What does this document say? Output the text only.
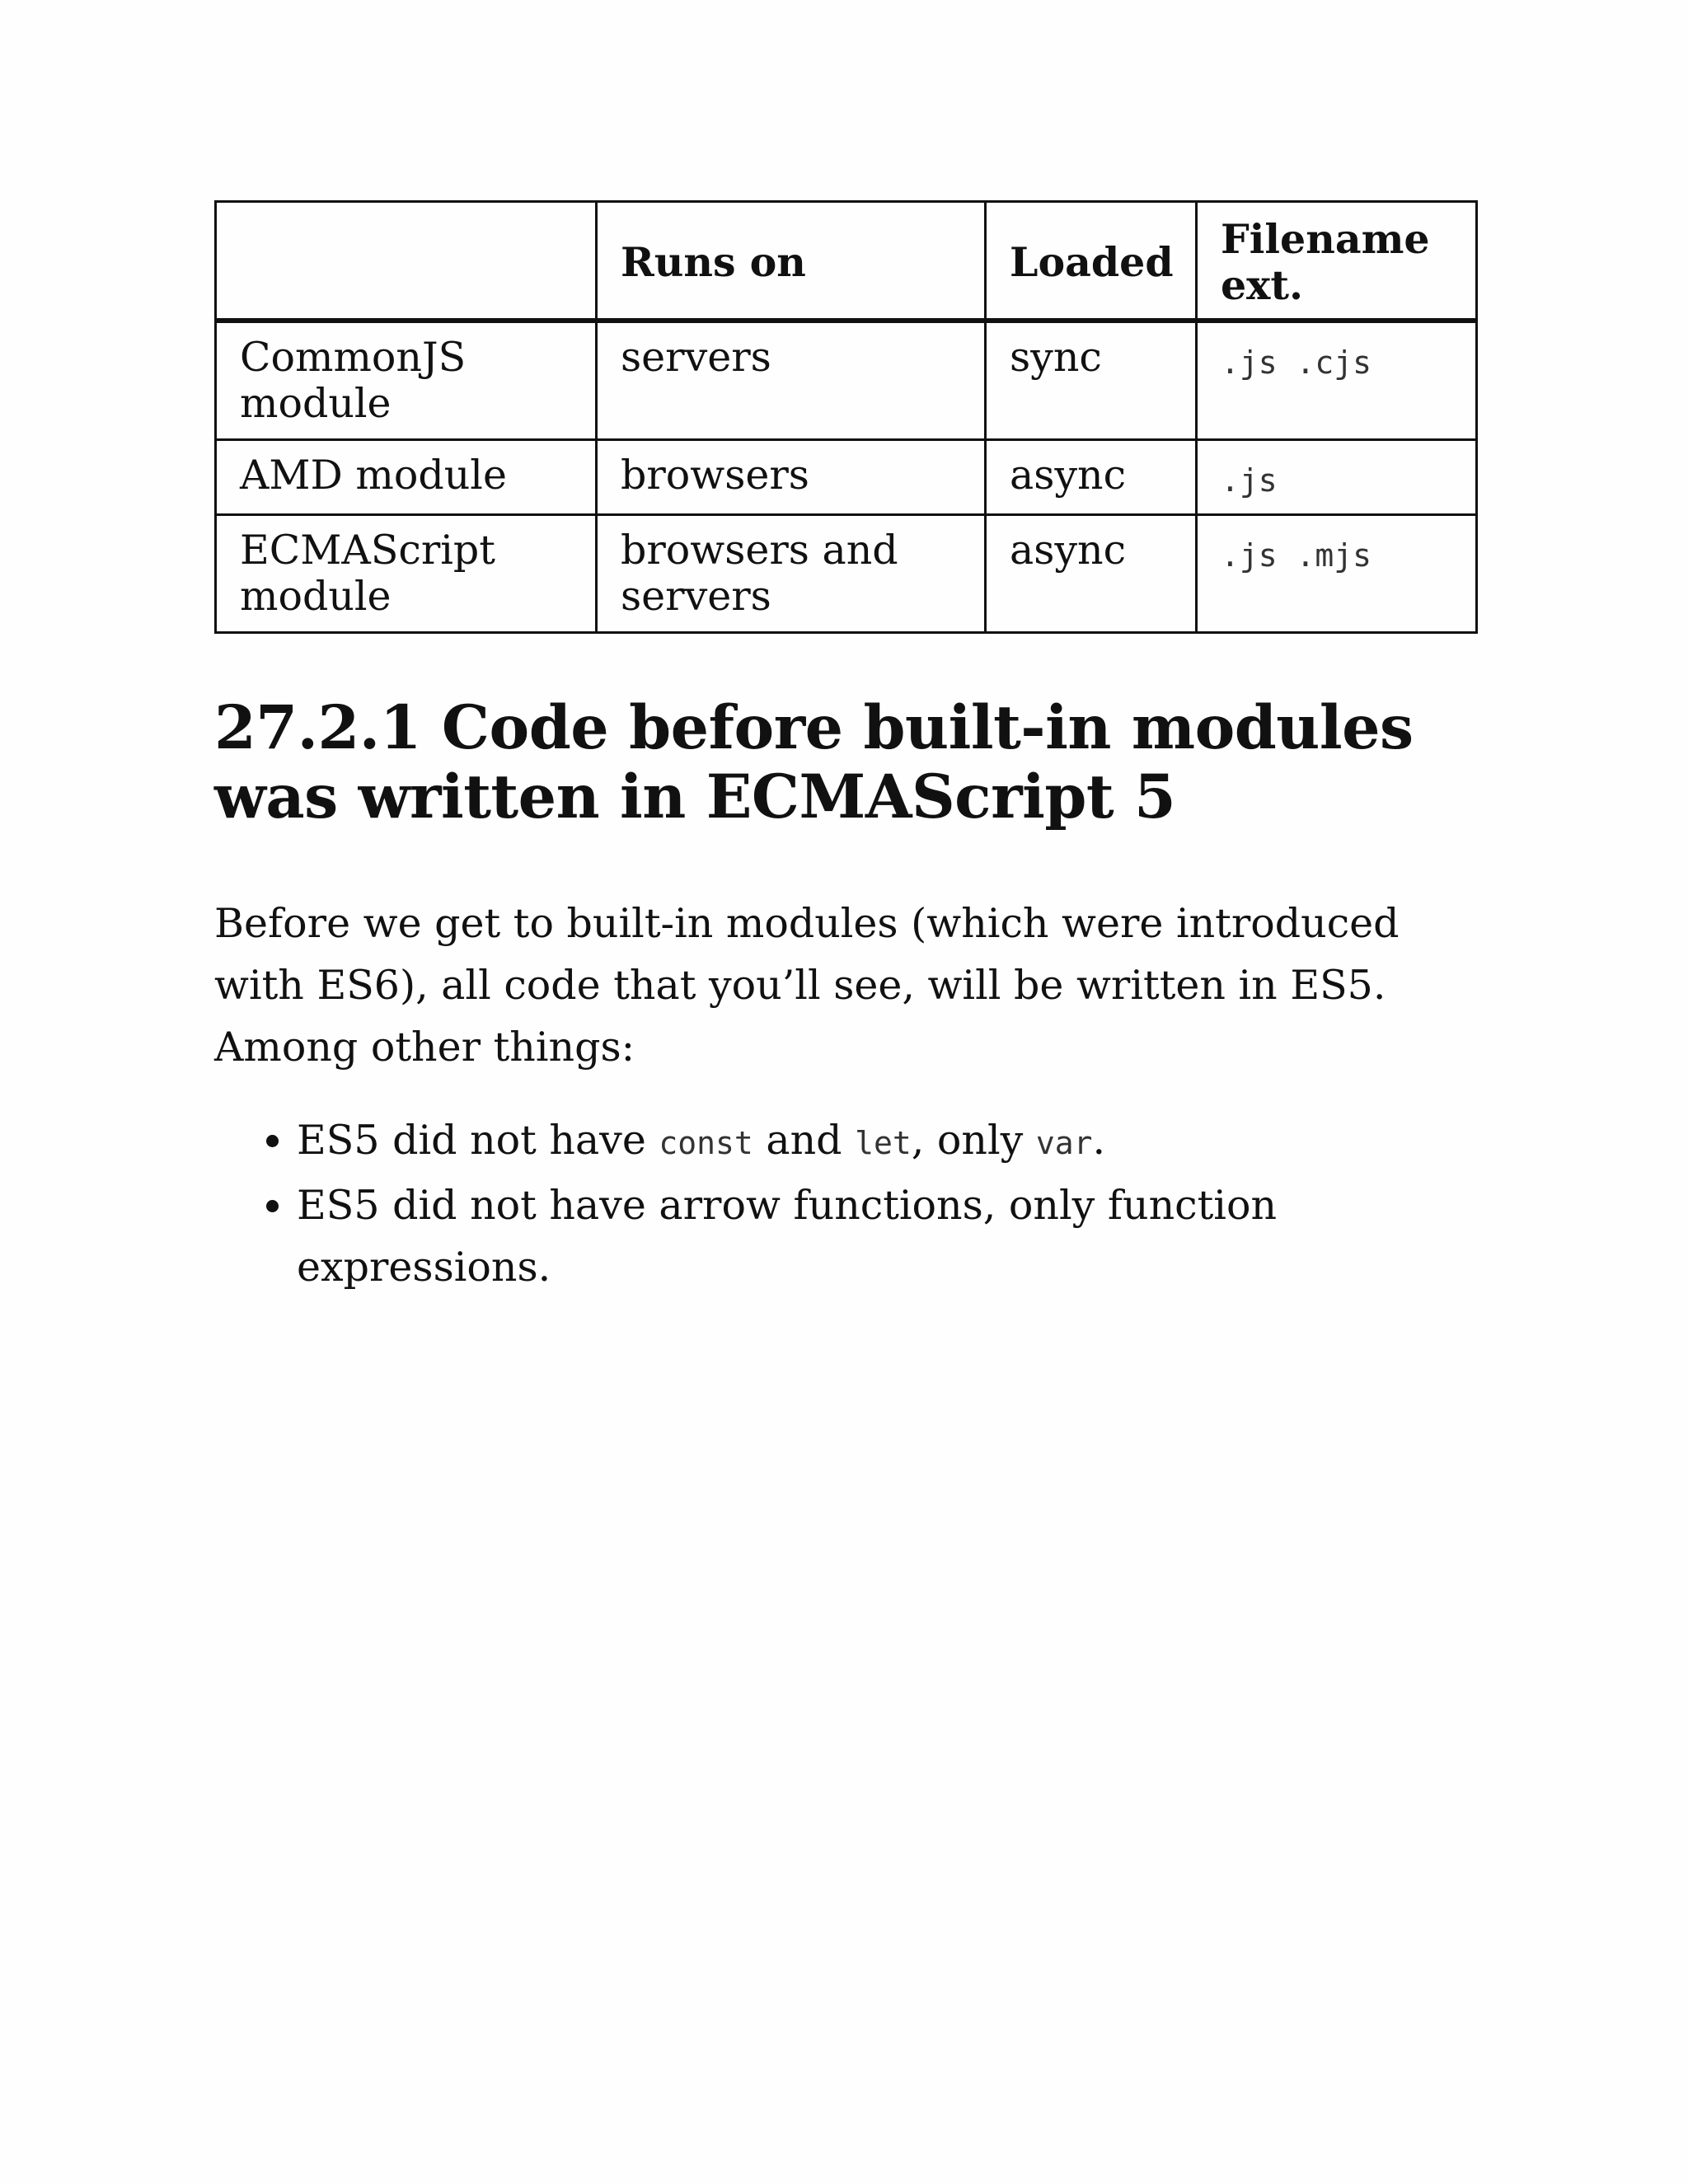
	Runs on	Loaded	Filename ext.
CommonJS module	servers	sync	.js .cjs
AMD module	browsers	async	.js
ECMAScript module	browsers and servers	async	.js .mjs
27.2.1 Code before built-in modules was written in ECMAScript 5

Before we get to built-in modules (which were introduced with ES6), all code that you’ll see, will be written in ES5. Among other things:

• ES5 did not have const and let, only var.
• ES5 did not have arrow functions, only function expressions.
